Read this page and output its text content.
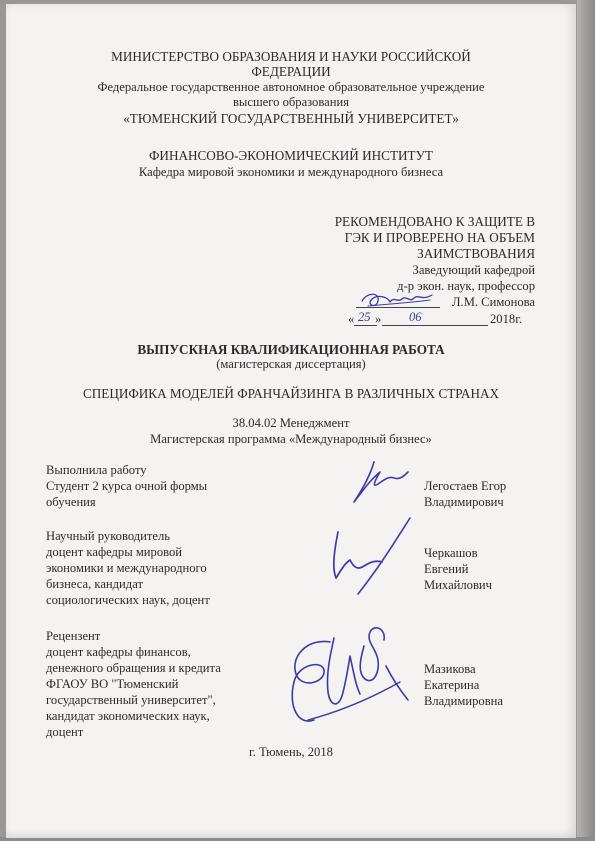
МИНИСТЕРСТВО ОБРАЗОВАНИЯ И НАУКИ РОССИЙСКОЙ
ФЕДЕРАЦИИ
Федеральное государственное автономное образовательное учреждение
высшего образования
«ТЮМЕНСКИЙ ГОСУДАРСТВЕННЫЙ УНИВЕРСИТЕТ»
ФИНАНСОВО-ЭКОНОМИЧЕСКИЙ ИНСТИТУТ
Кафедра мировой экономики и международного бизнеса
РЕКОМЕНДОВАНО К ЗАЩИТЕ В
ГЭК И ПРОВЕРЕНО НА ОБЪЕМ
ЗАИМСТВОВАНИЯ
Заведующий кафедрой
д-р экон. наук, профессор
Л.М. Симонова
« 25 » 06	2018г.
ВЫПУСКНАЯ КВАЛИФИКАЦИОННАЯ РАБОТА
(магистерская диссертация)
СПЕЦИФИКА МОДЕЛЕЙ ФРАНЧАЙЗИНГА В РАЗЛИЧНЫХ СТРАНАХ
38.04.02 Менеджмент
Магистерская программа «Международный бизнес»
Выполнила работу
Студент 2 курса очной формы
обучения
Легостаев Егор
Владимирович
Научный руководитель
доцент кафедры мировой
экономики и международного
бизнеса, кандидат
социологических наук, доцент
Черкашов
Евгений
Михайлович
Рецензент
доцент кафедры финансов,
денежного обращения и кредита
ФГАОУ ВО "Тюменский
государственный университет",
кандидат экономических наук,
доцент
Мазикова
Екатерина
Владимировна
г. Тюмень, 2018
